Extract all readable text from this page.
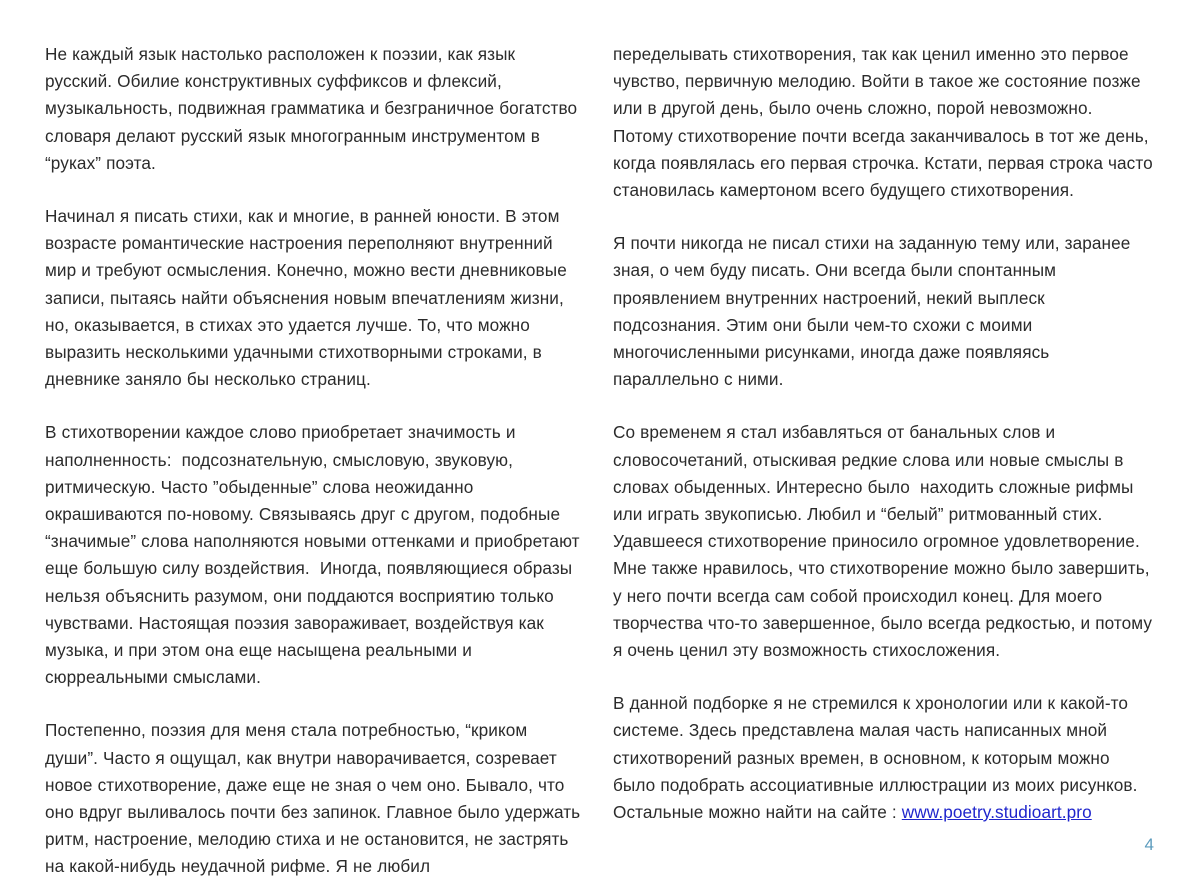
Не каждый язык настолько расположен к поэзии, как язык русский. Обилие конструктивных суффиксов и флексий, музыкальность, подвижная грамматика и безграничное богатство словаря делают русский язык многогранным инструментом в “руках” поэта.

Начинал я писать стихи, как и многие, в ранней юности. В этом возрасте романтические настроения переполняют внутренний мир и требуют осмысления. Конечно, можно вести дневниковые записи, пытаясь найти объяснения новым впечатлениям жизни, но, оказывается, в стихах это удается лучше. То, что можно выразить несколькими удачными стихотворными строками, в дневнике заняло бы несколько страниц.

В стихотворении каждое слово приобретает значимость и наполненность:  подсознательную, смысловую, звуковую, ритмическую. Часто ”обыденные” слова неожиданно окрашиваются по-новому. Связываясь друг с другом, подобные “значимые” слова наполняются новыми оттенками и приобретают еще большую силу воздействия.  Иногда, появляющиеся образы нельзя объяснить разумом, они поддаются восприятию только чувствами. Настоящая поэзия завораживает, воздействуя как музыка, и при этом она еще насыщена реальными и сюрреальными смыслами.

Постепенно, поэзия для меня стала потребностью, “криком души”. Часто я ощущал, как внутри наворачивается, созревает новое стихотворение, даже еще не зная о чем оно. Бывало, что оно вдруг выливалось почти без запинок. Главное было удержать ритм, настроение, мелодию стиха и не остановится, не застрять на какой-нибудь неудачной рифме. Я не любил

переделывать стихотворения, так как ценил именно это первое чувство, первичную мелодию. Войти в такое же состояние позже или в другой день, было очень сложно, порой невозможно. Потому стихотворение почти всегда заканчивалось в тот же день, когда появлялась его первая строчка. Кстати, первая строка часто становилась камертоном всего будущего стихотворения.

Я почти никогда не писал стихи на заданную тему или, заранее зная, о чем буду писать. Они всегда были спонтанным проявлением внутренних настроений, некий выплеск подсознания. Этим они были чем-то схожи с моими многочисленными рисунками, иногда даже появляясь параллельно с ними.

Со временем я стал избавляться от банальных слов и словосочетаний, отыскивая редкие слова или новые смыслы в словах обыденных. Интересно было  находить сложные рифмы или играть звукописью. Любил и “белый” ритмованный стих. Удавшееся стихотворение приносило огромное удовлетворение. Мне также нравилось, что стихотворение можно было завершить, у него почти всегда сам собой происходил конец. Для моего творчества что-то завершенное, было всегда редкостью, и потому я очень ценил эту возможность стихосложения.

В данной подборке я не стремился к хронологии или к какой-то системе. Здесь представлена малая часть написанных мной стихотворений разных времен, в основном, к которым можно было подобрать ассоциативные иллюстрации из моих рисунков. Остальные можно найти на сайте : www.poetry.studioart.pro

4
